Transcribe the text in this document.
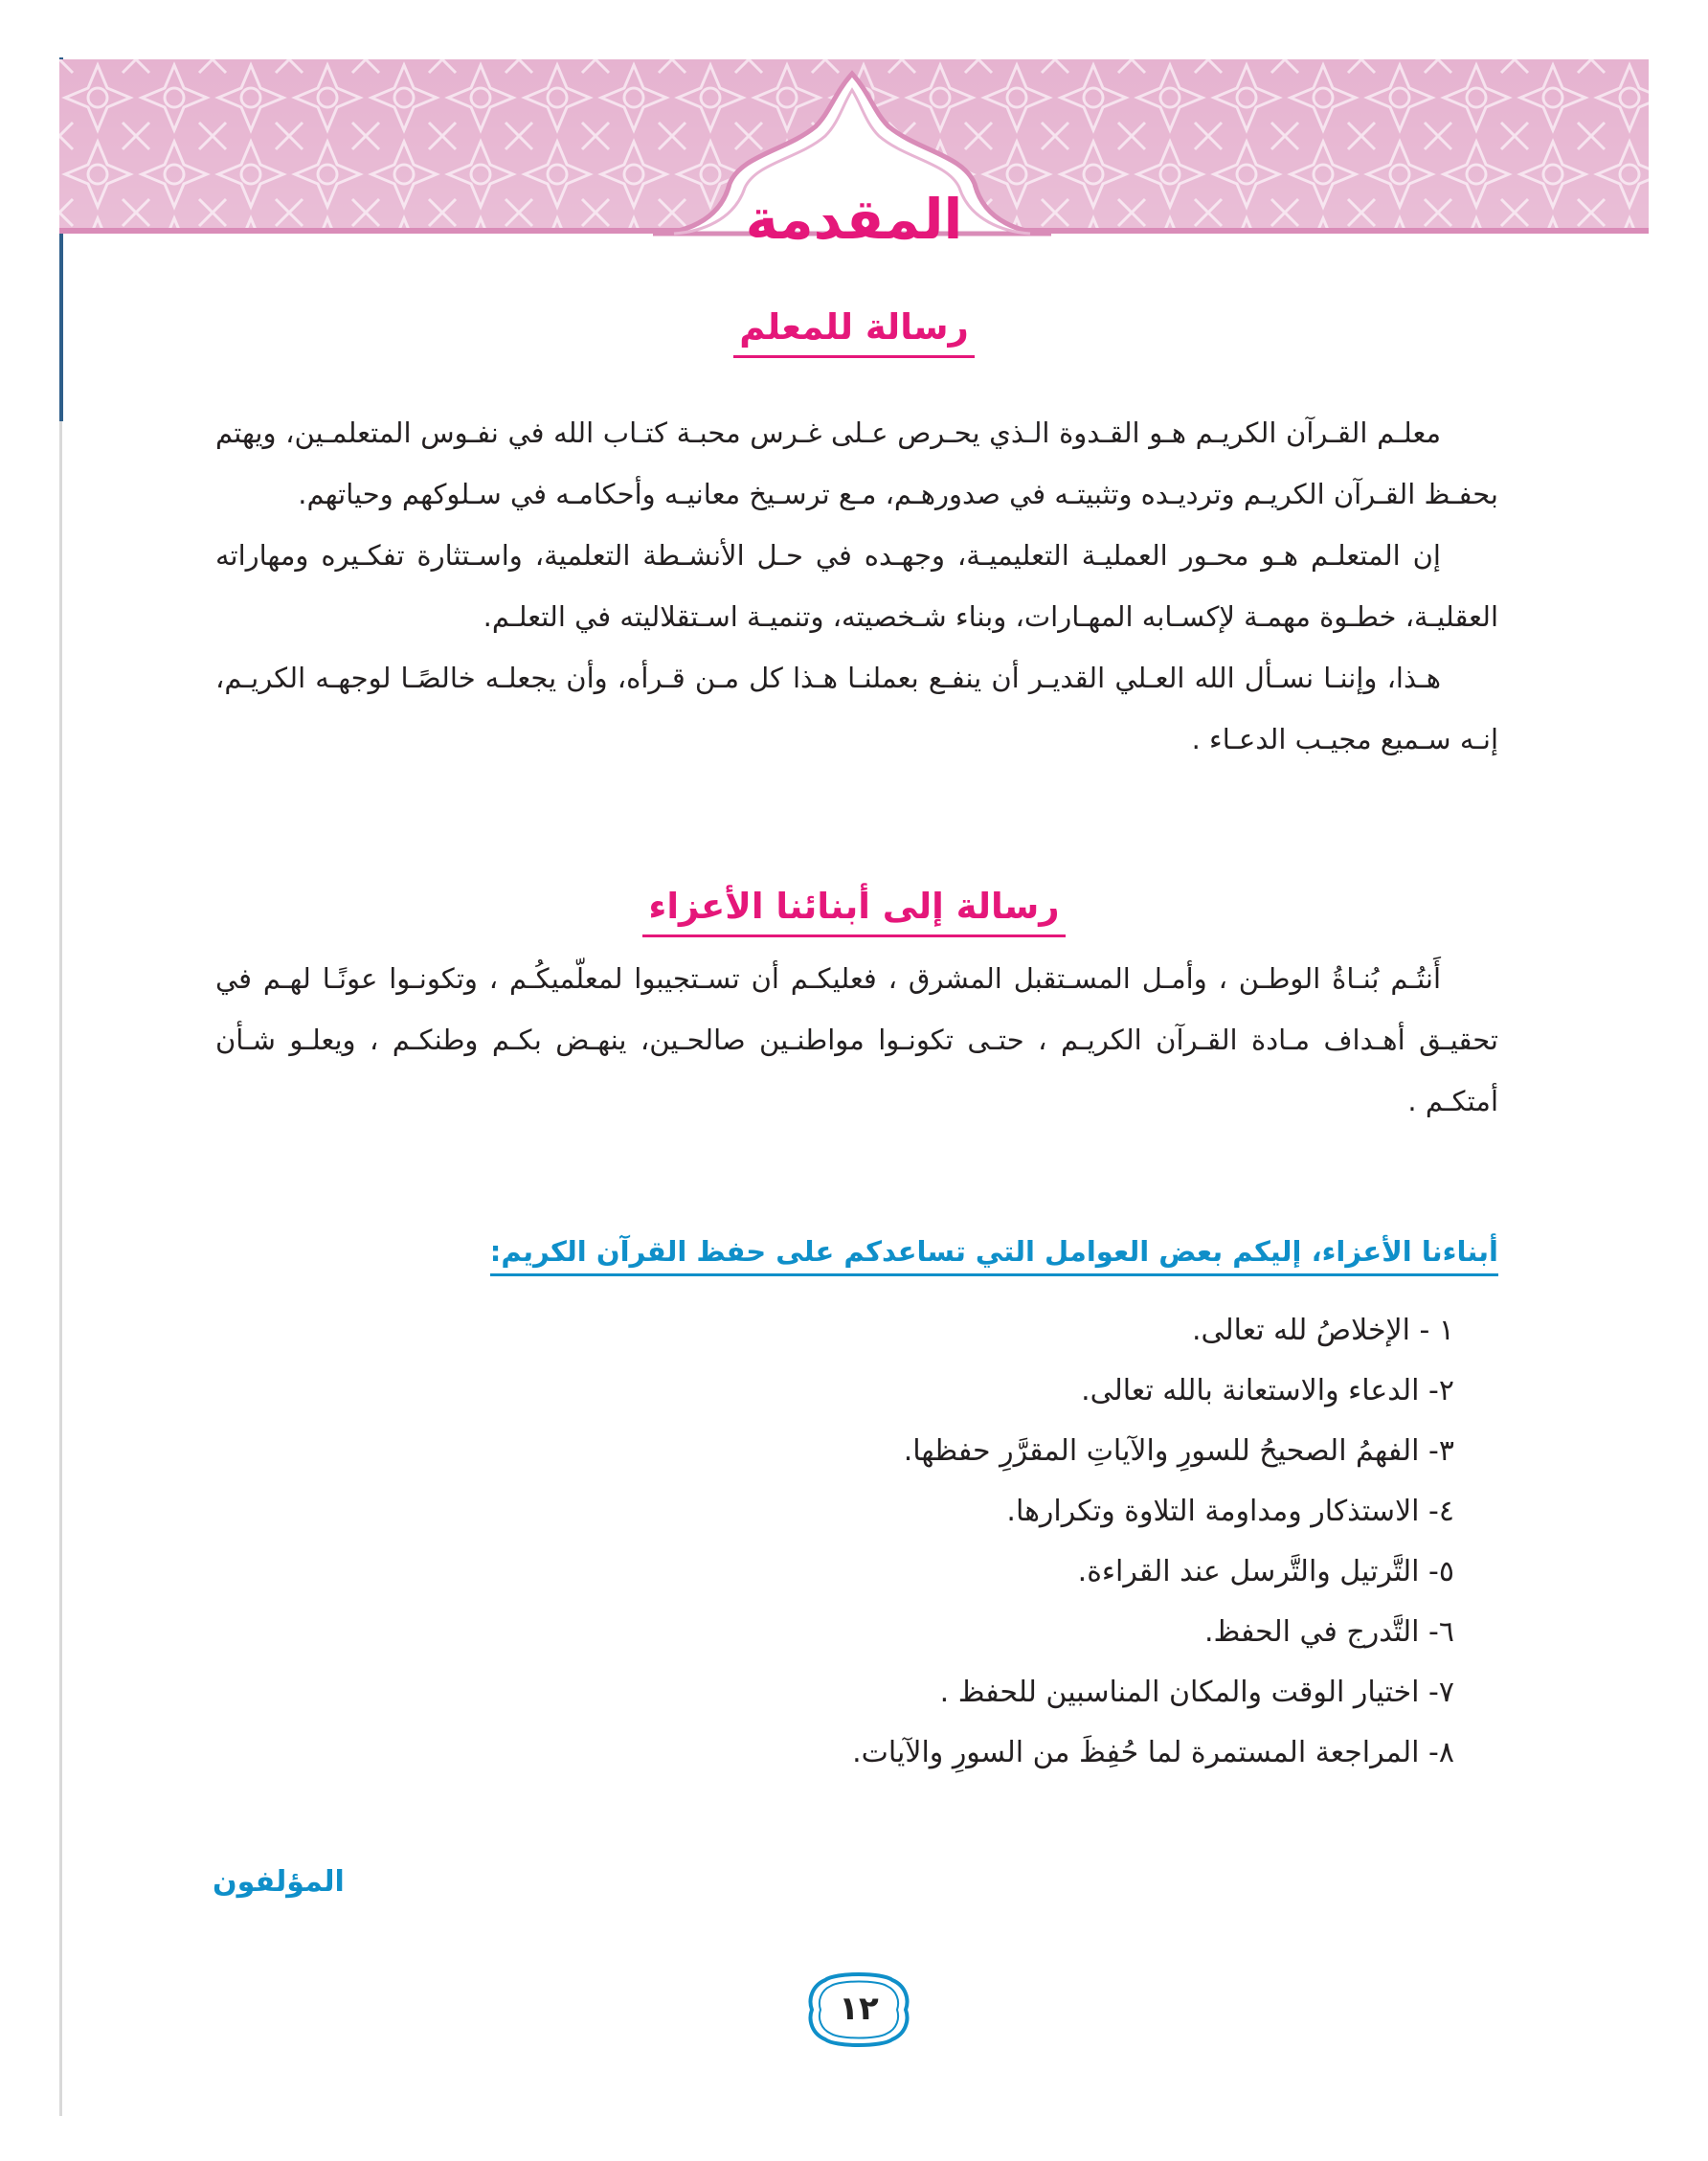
المقدمة
رسالة للمعلم

معلـم القـرآن الكريـم هـو القـدوة الـذي يحـرص عـلى غـرس محبـة كتـاب الله في نفـوس المتعلمـين، ويهتم بحفـظ القـرآن الكريـم وترديـده وتثبيتـه في صدورهـم، مـع ترسـيخ معانيـه وأحكامـه في سـلوكهم وحياتهم.

إن المتعلـم هـو محـور العمليـة التعليميـة، وجهـده في حـل الأنشـطة التعلمية، واسـتثارة تفكـيره ومهاراته العقليـة، خطـوة مهمـة لإكسـابه المهـارات، وبناء شـخصيته، وتنميـة اسـتقلاليته في التعلـم.

هـذا، وإننـا نسـأل الله العـلي القديـر أن ينفـع بعملنـا هـذا كل مـن قـرأه، وأن يجعلـه خالصًـا لوجهـه الكريـم، إنـه سـميع مجيـب الدعـاء .

رسالة إلى أبنائنا الأعزاء

أَنتُـم بُنـاةُ الوطـن ، وأمـل المسـتقبل المشرق ، فعليكـم أن تسـتجيبوا لمعلّميكُـم ، وتكونـوا عونًـا لهـم في تحقيـق أهـداف مـادة القـرآن الكريـم ، حتـى تكونـوا مواطنـين صالحـين، ينهـض بكـم وطنكـم ، ويعلـو شـأن أمتكـم .

أبناءنا الأعزاء، إليكم بعض العوامل التي تساعدكم على حفظ القرآن الكريم:
١ - الإخلاصُ لله تعالى.
٢- الدعاء والاستعانة بالله تعالى.
٣- الفهمُ الصحيحُ للسورِ والآياتِ المقرَّرِ حفظها.
٤- الاستذكار ومداومة التلاوة وتكرارها.
٥- التَّرتيل والتَّرسل عند القراءة.
٦- التَّدرج في الحفظ.
٧- اختيار الوقت والمكان المناسبين للحفظ .
٨- المراجعة المستمرة لما حُفِظَ من السورِ والآيات.
المؤلفون
١٢
